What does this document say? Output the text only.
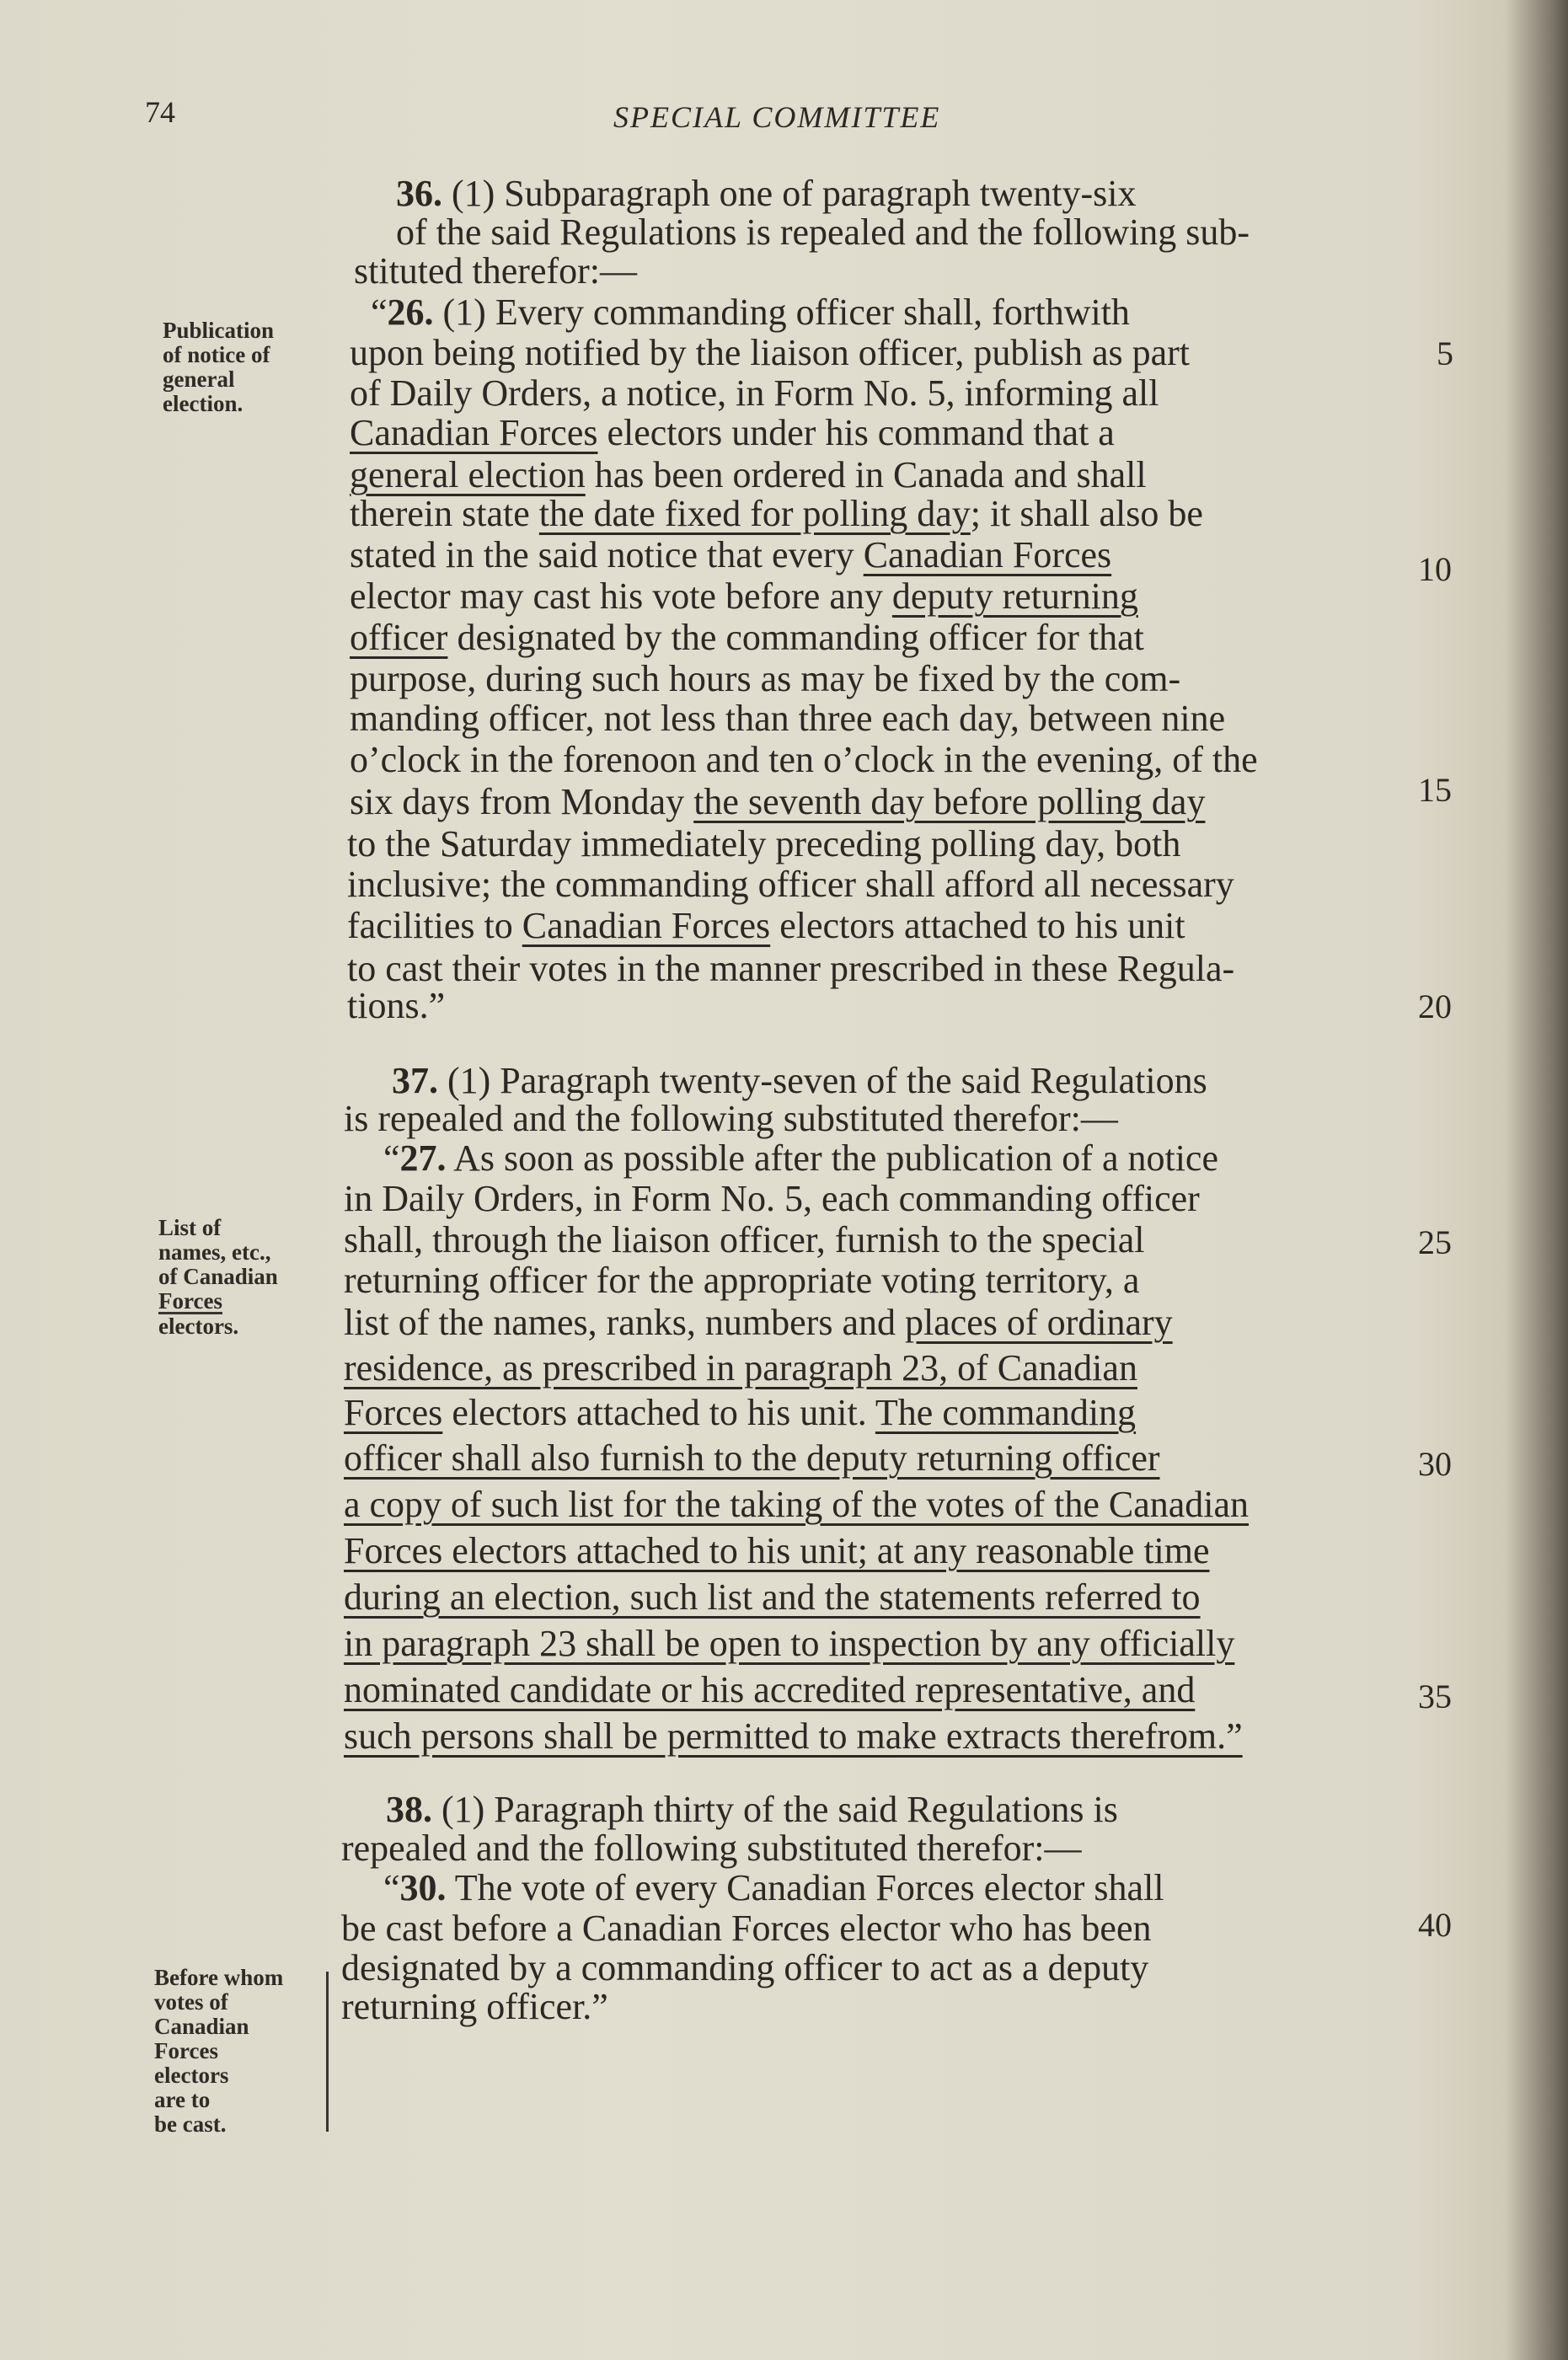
74	SPECIAL COMMITTEE
Publication
of notice of
general
election.
List of
names, etc.,
of Canadian
Forces
electors.
Before whom
votes of
Canadian
Forces
electors
are to
be cast.
36. (1) Subparagraph one of paragraph twenty-six
of the said Regulations is repealed and the following sub-
stituted therefor:—
“26. (1) Every commanding officer shall, forthwith
upon being notified by the liaison officer, publish as part
of Daily Orders, a notice, in Form No. 5, informing all
Canadian Forces electors under his command that a
general election has been ordered in Canada and shall
therein state the date fixed for polling day; it shall also be
stated in the said notice that every Canadian Forces
elector may cast his vote before any deputy returning
officer designated by the commanding officer for that
purpose, during such hours as may be fixed by the com-
manding officer, not less than three each day, between nine
o’clock in the forenoon and ten o’clock in the evening, of the
six days from Monday the seventh day before polling day
to the Saturday immediately preceding polling day, both
inclusive; the commanding officer shall afford all necessary
facilities to Canadian Forces electors attached to his unit
to cast their votes in the manner prescribed in these Regula-
tions.”
37. (1) Paragraph twenty-seven of the said Regulations
is repealed and the following substituted therefor:—
“27. As soon as possible after the publication of a notice
in Daily Orders, in Form No. 5, each commanding officer
shall, through the liaison officer, furnish to the special
returning officer for the appropriate voting territory, a
list of the names, ranks, numbers and places of ordinary
residence, as prescribed in paragraph 23, of Canadian
Forces electors attached to his unit. The commanding
officer shall also furnish to the deputy returning officer
a copy of such list for the taking of the votes of the Canadian
Forces electors attached to his unit; at any reasonable time
during an election, such list and the statements referred to
in paragraph 23 shall be open to inspection by any officially
nominated candidate or his accredited representative, and
such persons shall be permitted to make extracts therefrom.”
38. (1) Paragraph thirty of the said Regulations is
repealed and the following substituted therefor:—
“30. The vote of every Canadian Forces elector shall
be cast before a Canadian Forces elector who has been
designated by a commanding officer to act as a deputy
returning officer.”
5
10
15
20
25
30
35
40
